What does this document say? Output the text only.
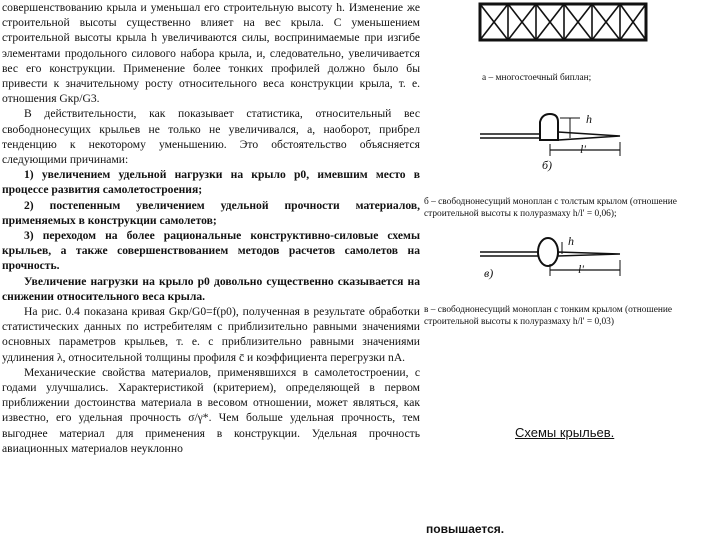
совершенствованию крыла и уменьшал его строительную высоту h. Изменение же строительной высоты существенно влияет на вес крыла. С уменьшением строительной высоты крыла h увеличиваются силы, воспринимаемые при изгибе элементами продольного силового набора крыла, и, следовательно, увеличивается вес его конструкции. Применение более тонких профилей должно было бы привести к значительному росту относительного веса конструкции крыла, т. е. отношения Gкр/G3.

В действительности, как показывает статистика, относительный вес свободнонесущих крыльев не только не увеличивался, а, наоборот, прибрел тенденцию к некоторому уменьшению. Это обстоятельство объясняется следующими причинами:

1) увеличением удельной нагрузки на крыло p0, имевшим место в процессе развития самолетостроения;

2) постепенным увеличением удельной прочности материалов, применяемых в конструкции самолетов;

3) переходом на более рациональные конструктивно-силовые схемы крыльев, а также совершенствованием методов расчетов самолетов на прочность.

Увеличение нагрузки на крыло p0 довольно существенно сказывается на снижении относительного веса крыла.

На рис. 0.4 показана кривая Gкр/G0=f(p0), полученная в результате обработки статистических данных по истребителям с приблизительно равными значениями основных параметров крыльев, т. е. с приблизительно равными значениями удлинения λ, относительной толщины профиля c̄ и коэффициента перегрузки nA.

Механические свойства материалов, применявшихся в самолетостроении, с годами улучшались. Характеристикой (критерием), определяющей в первом приближении достоинства материала в весовом отношении, может являться, как известно, его удельная прочность σ/γ*. Чем больше удельная прочность, тем выгоднее материал для применения в конструкции. Удельная прочность авиационных материалов неуклонно

а – многостоечный биплан;
h
l'
б)
б – свободнонесущий моноплан с толстым крылом (отношение строительной высоты к полуразмаху h/l' = 0,06);
h
l'
в)
в – свободнонесущий моноплан с тонким крылом (отношение строительной высоты к полуразмаху h/l' = 0,03)
Схемы крыльев.
повышается.
